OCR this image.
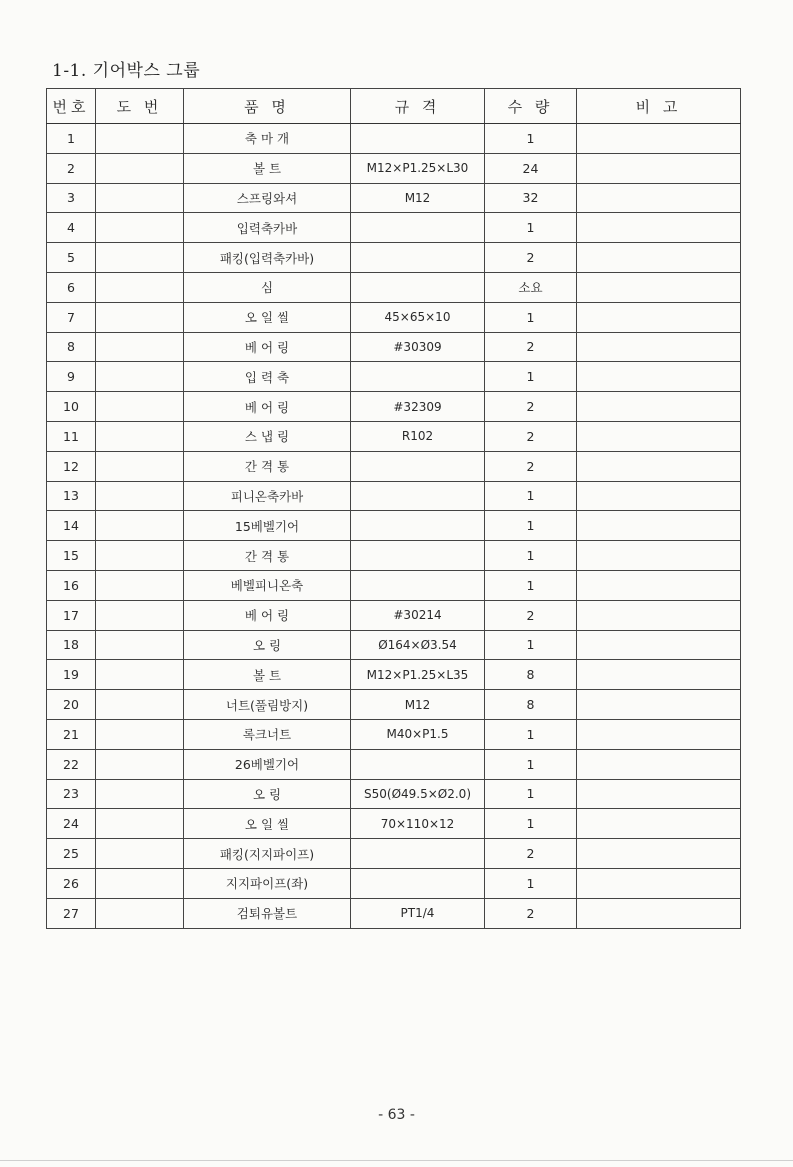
1-1. 기어박스 그룹
번호	도 번	품 명	규 격	수 량	비 고
1		축 마 개		1	
2		볼 트	M12×P1.25×L30	24	
3		스프링와셔	M12	32	
4		입력축카바		1	
5		패킹(입력축카바)		2	
6		심		소요	
7		오 일 씰	45×65×10	1	
8		베 어 링	#30309	2	
9		입 력 축		1	
10		베 어 링	#32309	2	
11		스 냅 링	R102	2	
12		간 격 통		2	
13		피니온축카바		1	
14		15베벨기어		1	
15		간 격 통		1	
16		베벨피니온축		1	
17		베 어 링	#30214	2	
18		오 링	Ø164×Ø3.54	1	
19		볼 트	M12×P1.25×L35	8	
20		너트(풀림방지)	M12	8	
21		록크너트	M40×P1.5	1	
22		26베벨기어		1	
23		오 링	S50(Ø49.5×Ø2.0)	1	
24		오 일 씰	70×110×12	1	
25		패킹(지지파이프)		2	
26		지지파이프(좌)		1	
27		검퇴유볼트	PT1/4	2	
- 63 -
